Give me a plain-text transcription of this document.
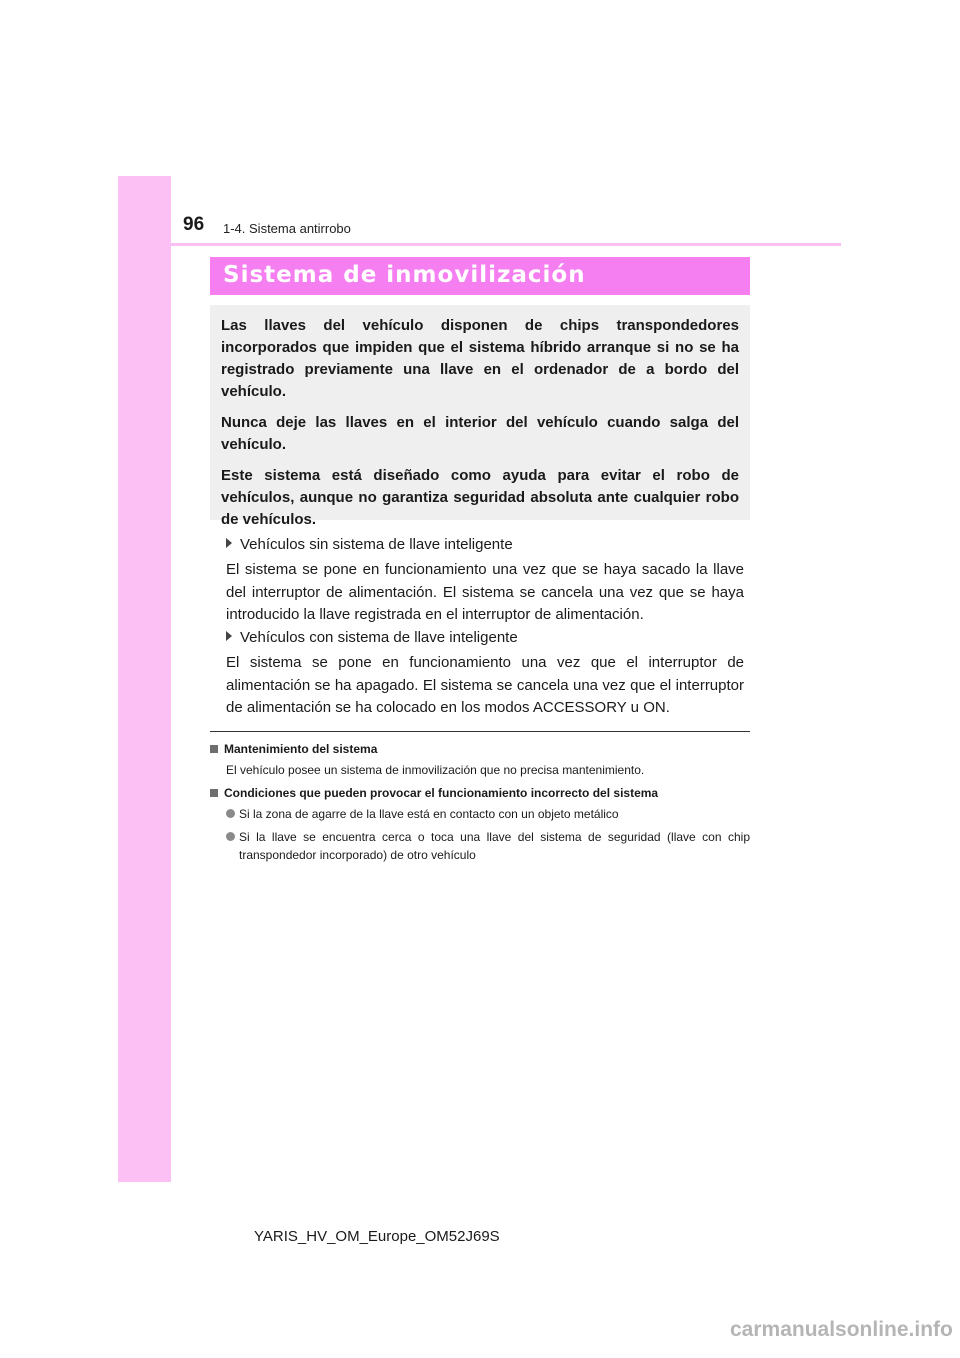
96 1-4. Sistema antirrobo
Sistema de inmovilización

Las llaves del vehículo disponen de chips transpondedores incorporados que impiden que el sistema híbrido arranque si no se ha registrado previamente una llave en el ordenador de a bordo del vehículo.

Nunca deje las llaves en el interior del vehículo cuando salga del vehículo.

Este sistema está diseñado como ayuda para evitar el robo de vehículos, aunque no garantiza seguridad absoluta ante cualquier robo de vehículos.

Vehículos sin sistema de llave inteligente

El sistema se pone en funcionamiento una vez que se haya sacado la llave del interruptor de alimentación. El sistema se cancela una vez que se haya introducido la llave registrada en el interruptor de alimentación.

Vehículos con sistema de llave inteligente

El sistema se pone en funcionamiento una vez que el interruptor de alimentación se ha apagado. El sistema se cancela una vez que el interruptor de alimentación se ha colocado en los modos ACCESSORY u ON.

Mantenimiento del sistema
El vehículo posee un sistema de inmovilización que no precisa mantenimiento.
Condiciones que pueden provocar el funcionamiento incorrecto del sistema
Si la zona de agarre de la llave está en contacto con un objeto metálico
Si la llave se encuentra cerca o toca una llave del sistema de seguridad (llave con chip transpondedor incorporado) de otro vehículo
YARIS_HV_OM_Europe_OM52J69S
carmanualsonline.info
